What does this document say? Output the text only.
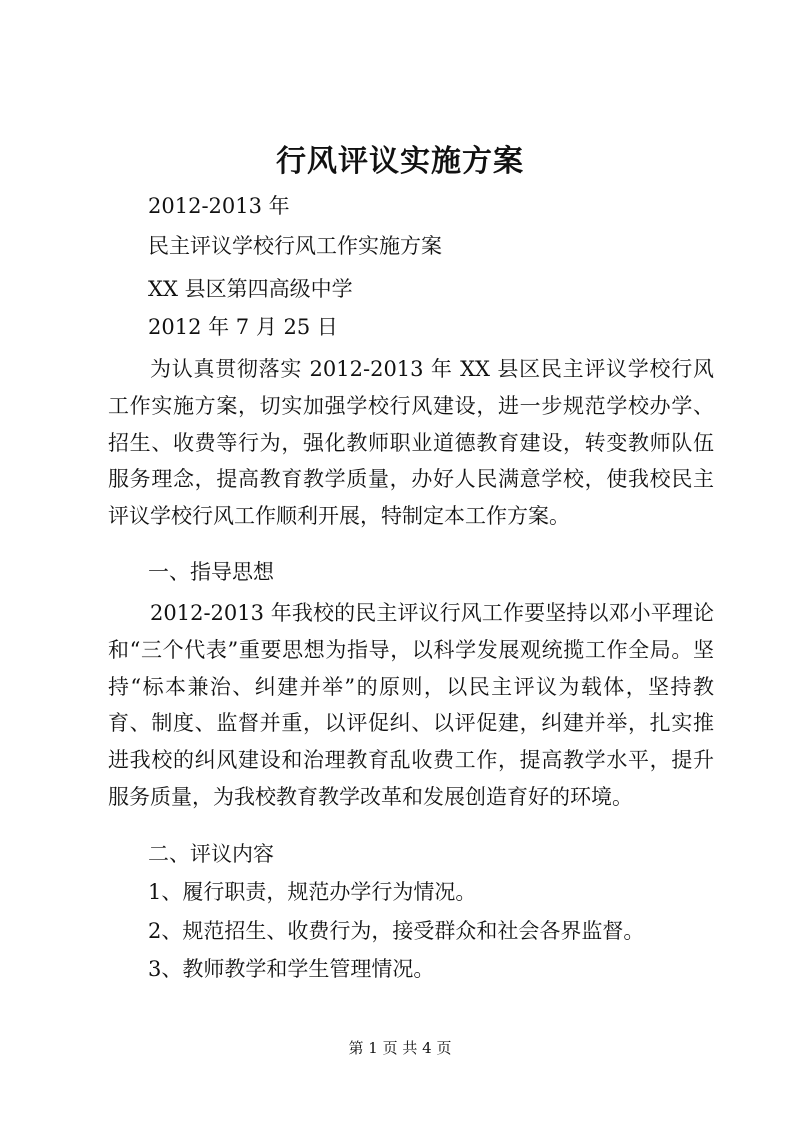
行风评议实施方案
2012-2013 年
民主评议学校行风工作实施方案
XX 县区第四高级中学
2012 年 7 月 25 日

为认真贯彻落实 2012-2013 年 XX 县区民主评议学校行风工作实施方案，切实加强学校行风建设，进一步规范学校办学、招生、收费等行为，强化教师职业道德教育建设，转变教师队伍服务理念，提高教育教学质量，办好人民满意学校，使我校民主评议学校行风工作顺利开展，特制定本工作方案。

一、指导思想

2012-2013 年我校的民主评议行风工作要坚持以邓小平理论和“三个代表”重要思想为指导，以科学发展观统揽工作全局。坚持“标本兼治、纠建并举”的原则，以民主评议为载体，坚持教育、制度、监督并重，以评促纠、以评促建，纠建并举，扎实推进我校的纠风建设和治理教育乱收费工作，提高教学水平，提升服务质量，为我校教育教学改革和发展创造育好的环境。

二、评议内容
1、履行职责，规范办学行为情况。
2、规范招生、收费行为，接受群众和社会各界监督。
3、教师教学和学生管理情况。
第 1 页 共 4 页
